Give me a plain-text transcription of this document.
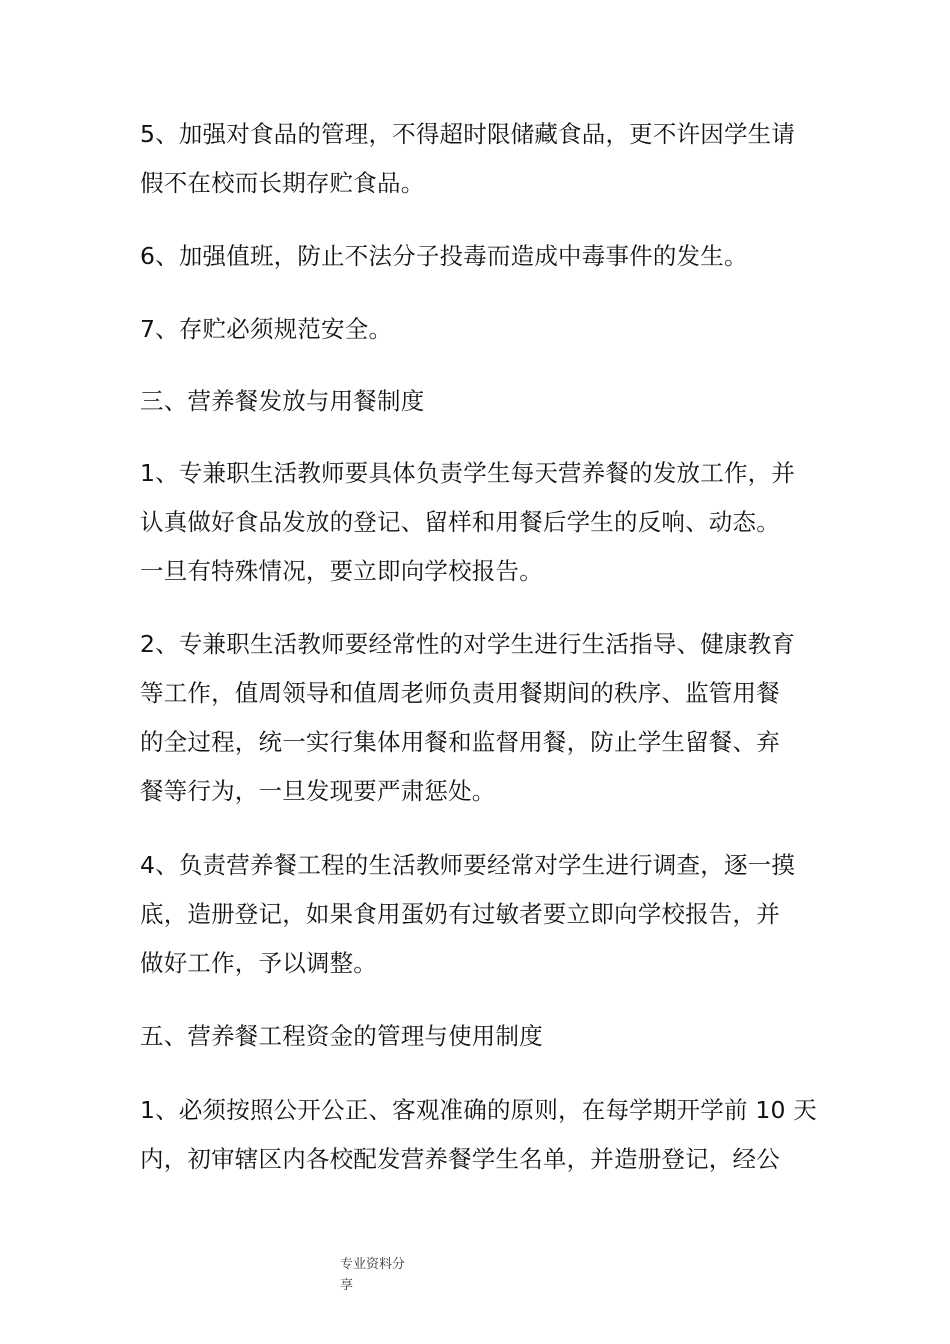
5、加强对食品的管理，不得超时限储藏食品，更不许因学生请
假不在校而长期存贮食品。

6、加强值班，防止不法分子投毒而造成中毒事件的发生。

7、存贮必须规范安全。

三、营养餐发放与用餐制度

1、专兼职生活教师要具体负责学生每天营养餐的发放工作，并
认真做好食品发放的登记、留样和用餐后学生的反响、动态。
一旦有特殊情况，要立即向学校报告。

2、专兼职生活教师要经常性的对学生进行生活指导、健康教育
等工作，值周领导和值周老师负责用餐期间的秩序、监管用餐
的全过程，统一实行集体用餐和监督用餐，防止学生留餐、弃
餐等行为，一旦发现要严肃惩处。

4、负责营养餐工程的生活教师要经常对学生进行调查，逐一摸
底，造册登记，如果食用蛋奶有过敏者要立即向学校报告，并
做好工作，予以调整。

五、营养餐工程资金的管理与使用制度

1、必须按照公开公正、客观准确的原则，在每学期开学前 10 天
内，初审辖区内各校配发营养餐学生名单，并造册登记，经公

专业资料分
享
